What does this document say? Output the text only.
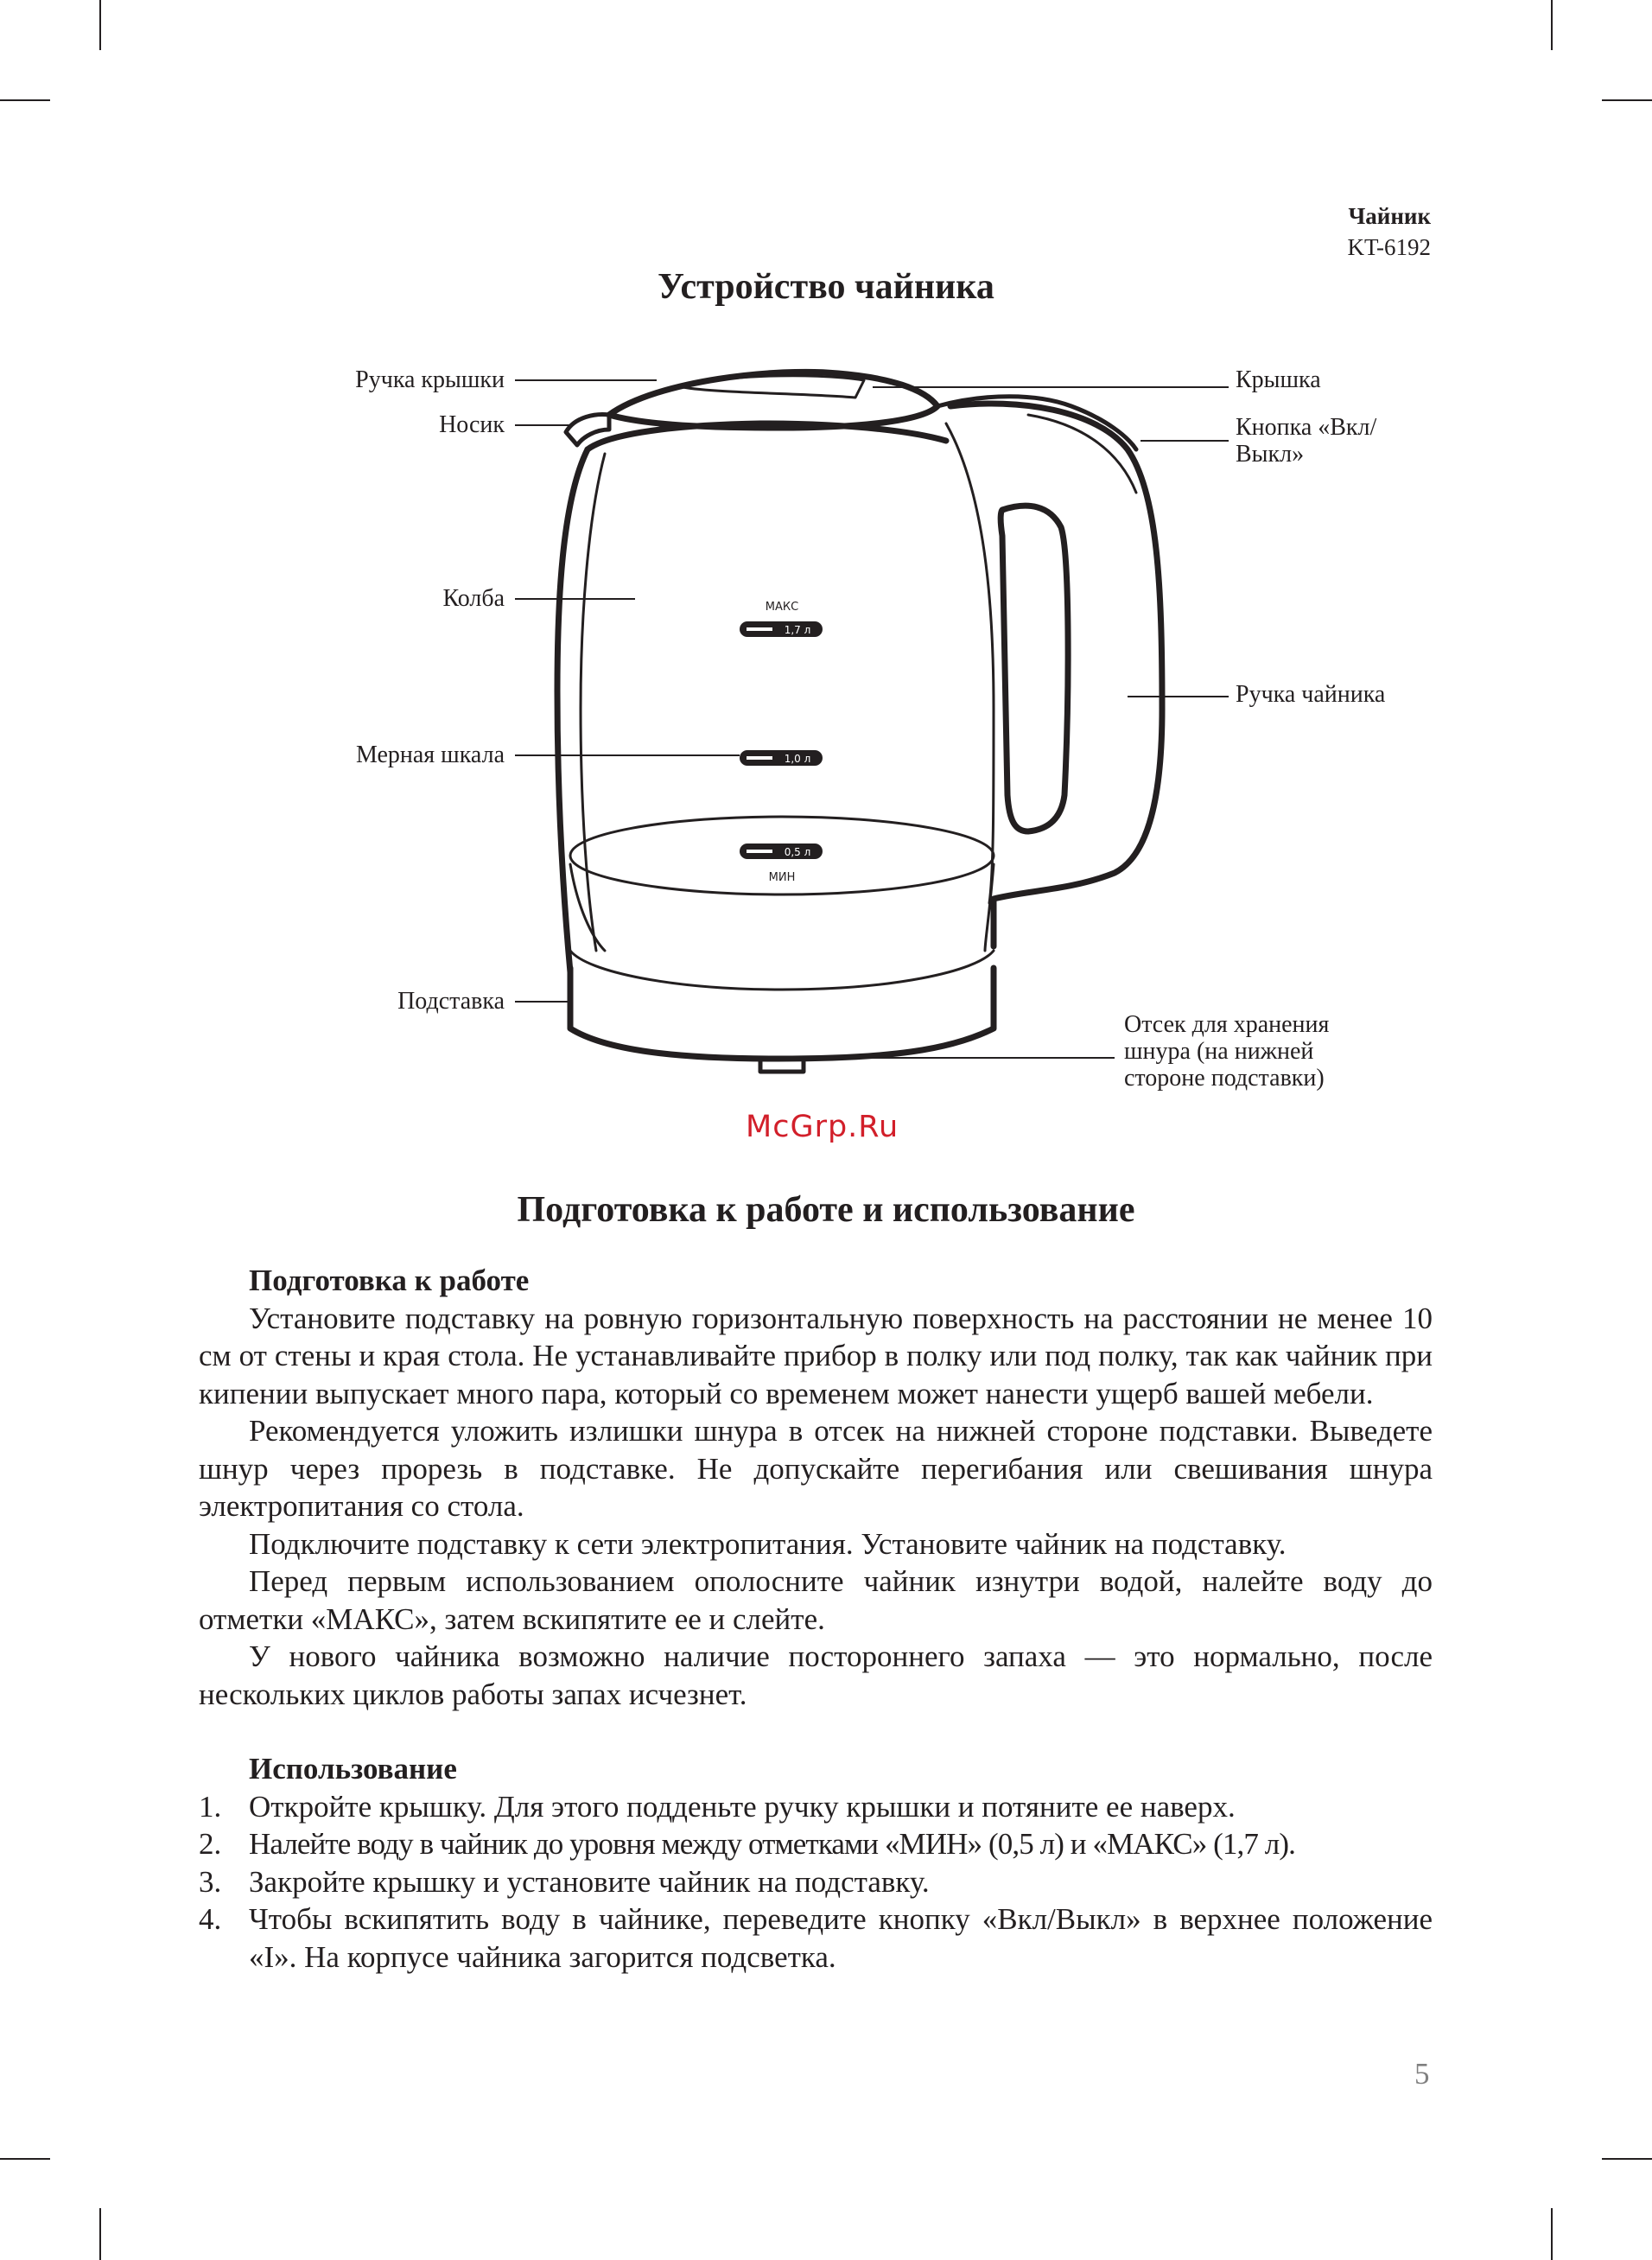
Чайник
KT-6192
Устройство чайника
МАКС
1,7 л
1,0 л
0,5 л
МИН
Ручка крышки
Носик
Колба
Мерная шкала
Подставка
Крышка
Кнопка «Вкл/
Выкл»
Ручка чайника
Отсек для хранения
шнура (на нижней
стороне подставки)
McGrp.Ru
Подготовка к работе и использование
Подготовка к работе

Установите подставку на ровную горизонтальную поверхность на расстоянии не менее 10 см от стены и края стола. Не устанавливайте прибор в полку или под полку, так как чайник при кипении выпускает много пара, который со временем может нанести ущерб вашей мебели.

Рекомендуется уложить излишки шнура в отсек на нижней стороне подставки. Выведете шнур через прорезь в подставке. Не допускайте перегибания или свешивания шнура электропитания со стола.

Подключите подставку к сети электропитания. Установите чайник на подставку.

Перед первым использованием ополосните чайник изнутри водой, налейте воду до отметки «МАКС», затем вскипятите ее и слейте.

У нового чайника возможно наличие постороннего запаха — это нормально, после нескольких циклов работы запах исчезнет.

Использование
1. Откройте крышку. Для этого подденьте ручку крышки и потяните ее наверх.
2. Налейте воду в чайник до уровня между отметками «МИН» (0,5 л) и «МАКС» (1,7 л).
3. Закройте крышку и установите чайник на подставку.
4. Чтобы вскипятить воду в чайнике, переведите кнопку «Вкл/Выкл» в верхнее положение «I». На корпусе чайника загорится подсветка.
5
